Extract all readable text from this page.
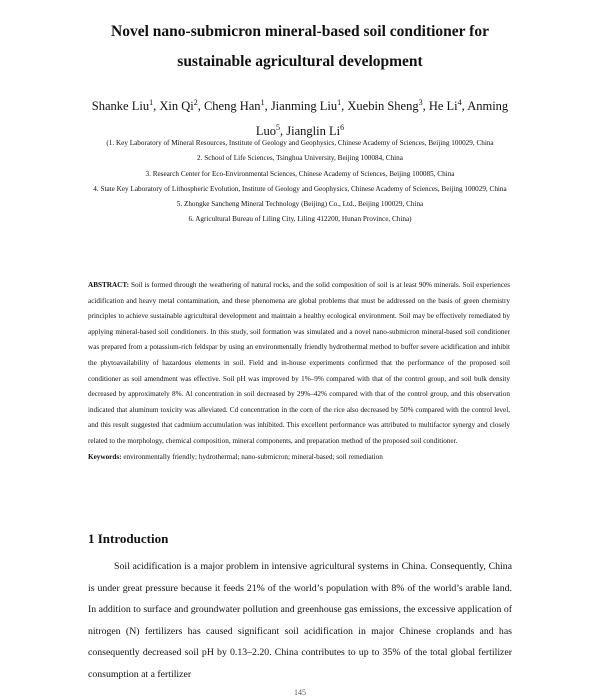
Novel nano-submicron mineral-based soil conditioner for
sustainable agricultural development
Shanke Liu$^1$, Xin Qi$^2$, Cheng Han$^1$, Jianming Liu$^1$, Xuebin Sheng$^3$, He Li$^4$, Anming Luo$^5$, Jianglin Li$^6$
(1. Key Laboratory of Mineral Resources, Institute of Geology and Geophysics, Chinese Academy of Sciences, Beijing 100029, China
2. School of Life Sciences, Tsinghua University, Beijing 100084, China
3. Research Center for Eco-Environmental Sciences, Chinese Academy of Sciences, Beijing 100085, China
4. State Key Laboratory of Lithospheric Evolution, Institute of Geology and Geophysics, Chinese Academy of Sciences, Beijing 100029, China
5. Zhongke Sancheng Mineral Technology (Beijing) Co., Ltd., Beijing 100029, China
6. Agricultural Bureau of Liling City, Liling 412200, Hunan Province, China)
ABSTRACT: Soil is formed through the weathering of natural rocks, and the solid composition of soil is at least 90% minerals. Soil experiences acidification and heavy metal contamination, and these phenomena are global problems that must be addressed on the basis of green chemistry principles to achieve sustainable agricultural development and maintain a healthy ecological environment. Soil may be effectively remediated by applying mineral-based soil conditioners. In this study, soil formation was simulated and a novel nano-submicron mineral-based soil conditioner was prepared from a potassium-rich feldspar by using an environmentally friendly hydrothermal method to buffer severe acidification and inhibit the phytoavailability of hazardous elements in soil. Field and in-house experiments confirmed that the performance of the proposed soil conditioner as soil amendment was effective. Soil pH was improved by 1%–9% compared with that of the control group, and soil bulk density decreased by approximately 8%. Al concentration in soil decreased by 29%–42% compared with that of the control group, and this observation indicated that aluminum toxicity was alleviated. Cd concentration in the corn of the rice also decreased by 50% compared with the control level, and this result suggested that cadmium accumulation was inhibited. This excellent performance was attributed to multifactor synergy and closely related to the morphology, chemical composition, mineral components, and preparation method of the proposed soil conditioner.
Keywords: environmentally friendly; hydrothermal; nano-submicron; mineral-based; soil remediation
1 Introduction

Soil acidification is a major problem in intensive agricultural systems in China. Consequently, China is under great pressure because it feeds 21% of the world’s population with 8% of the world’s arable land. In addition to surface and groundwater pollution and greenhouse gas emissions, the excessive application of nitrogen (N) fertilizers has caused significant soil acidification in major Chinese croplands and has consequently decreased soil pH by 0.13–2.20. China contributes to up to 35% of the total global fertilizer consumption at a fertilizer

145
